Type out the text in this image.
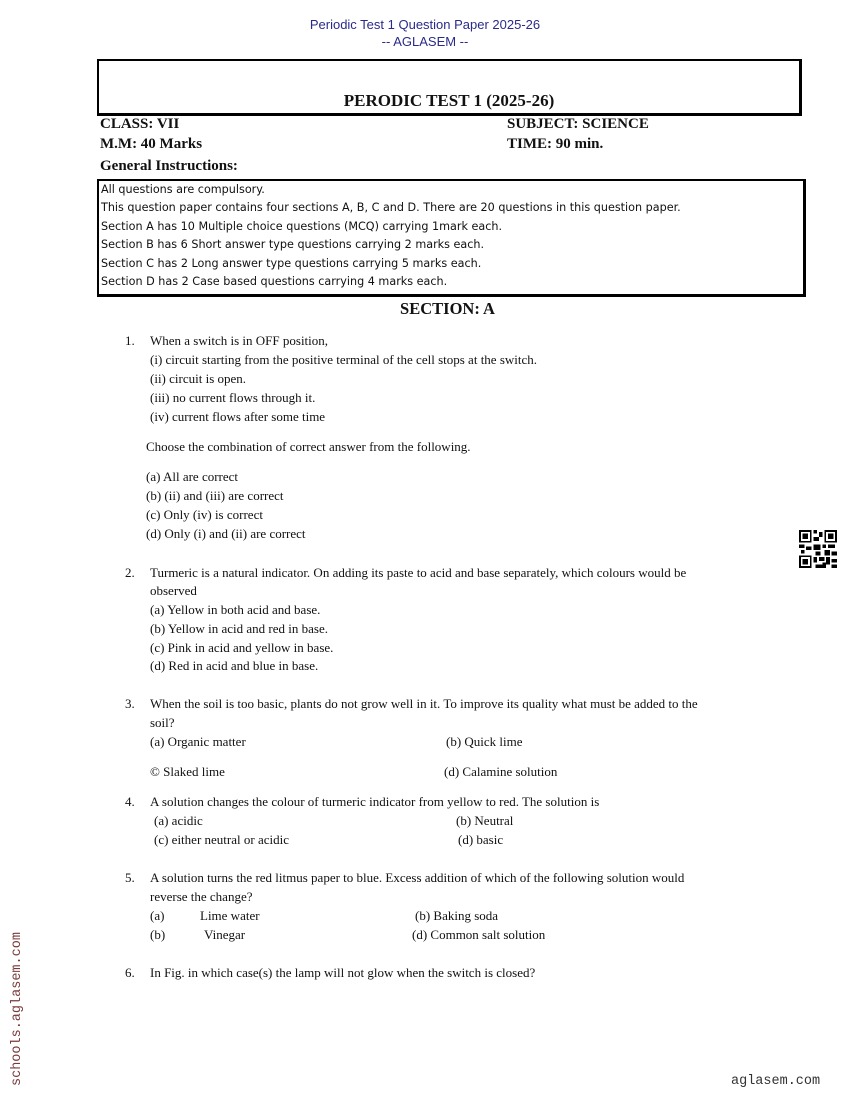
Periodic Test 1 Question Paper 2025-26
-- AGLASEM --
PERODIC TEST 1 (2025-26)
CLASS: VII	SUBJECT: SCIENCE
M.M: 40 Marks	TIME: 90 min.
General Instructions:
All questions are compulsory.
This question paper contains four sections A, B, C and D. There are 20 questions in this question paper.
Section A has 10 Multiple choice questions (MCQ) carrying 1mark each.
Section B has 6 Short answer type questions carrying 2 marks each.
Section C has 2 Long answer type questions carrying 5 marks each.
Section D has 2 Case based questions carrying 4 marks each.
SECTION: A
1. When a switch is in OFF position,
(i) circuit starting from the positive terminal of the cell stops at the switch.
(ii) circuit is open.
(iii) no current flows through it.
(iv) current flows after some time
Choose the combination of correct answer from the following.
(a) All are correct
(b) (ii) and (iii) are correct
(c) Only (iv) is correct
(d) Only (i) and (ii) are correct
2. Turmeric is a natural indicator. On adding its paste to acid and base separately, which colours would be
observed
(a) Yellow in both acid and base.
(b) Yellow in acid and red in base.
(c) Pink in acid and yellow in base.
(d) Red in acid and blue in base.
3. When the soil is too basic, plants do not grow well in it. To improve its quality what must be added to the
soil?
(a) Organic matter	(b) Quick lime
© Slaked lime	(d) Calamine solution
4. A solution changes the colour of turmeric indicator from yellow to red. The solution is
(a) acidic	(b) Neutral
(c) either neutral or acidic	(d) basic
5. A solution turns the red litmus paper to blue. Excess addition of which of the following solution would
reverse the change?
(a)	Lime water	(b) Baking soda
(b)	Vinegar	(d) Common salt solution
6. In Fig. in which case(s) the lamp will not glow when the switch is closed?
schools.aglasem.com	aglasem.com
